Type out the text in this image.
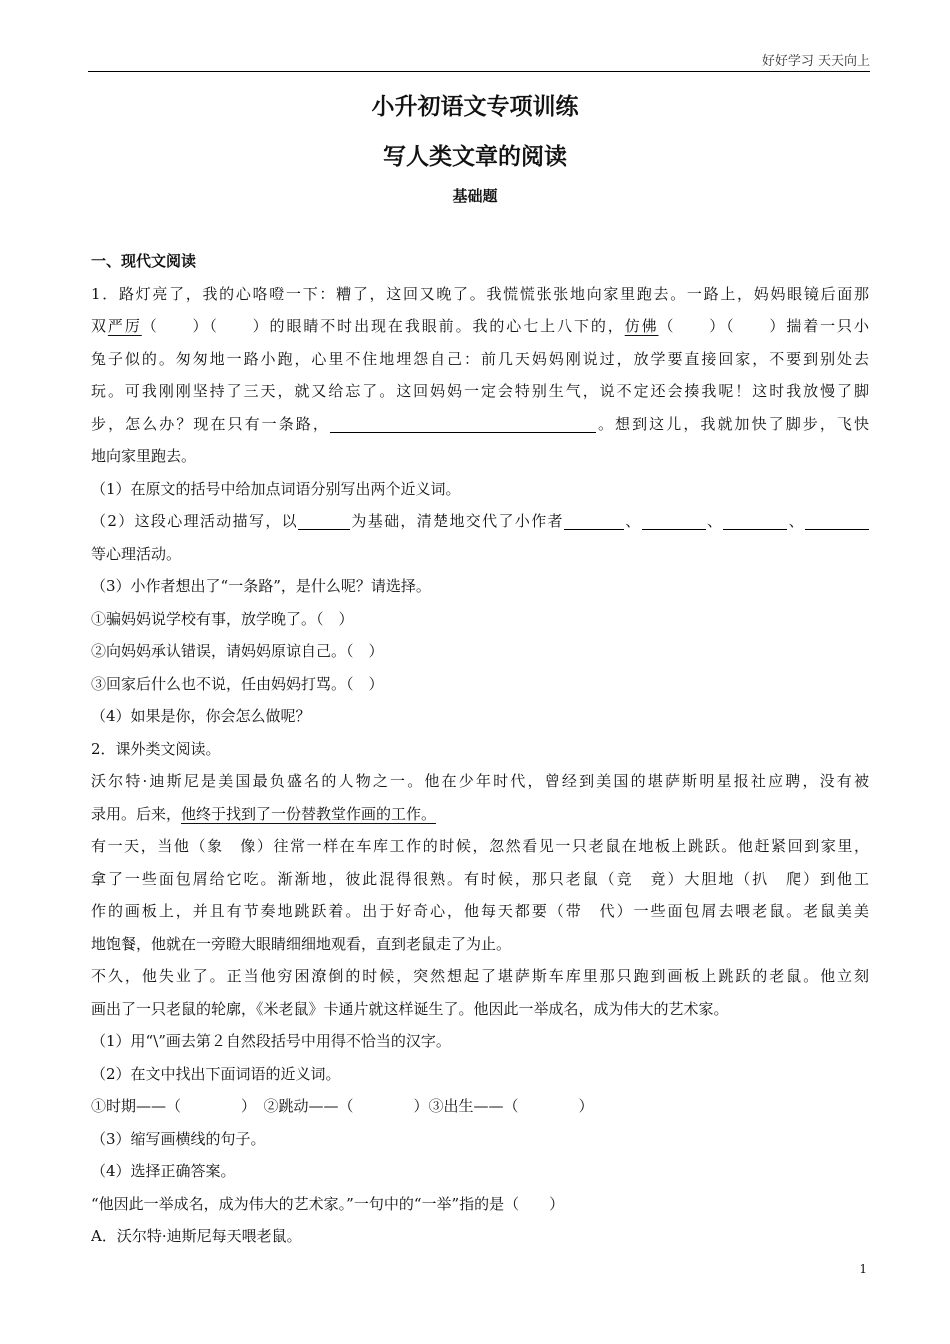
好好学习 天天向上
小升初语文专项训练
写人类文章的阅读
基础题
一、现代文阅读
1．路灯亮了，我的心咯噔一下：糟了，这回又晚了。我慌慌张张地向家里跑去。一路上，妈妈眼镜后面那
双严厉（　　）（　　）的眼睛不时出现在我眼前。我的心七上八下的，仿佛（　　）（　　）揣着一只小
兔子似的。匆匆地一路小跑，心里不住地埋怨自己：前几天妈妈刚说过，放学要直接回家，不要到别处去
玩。可我刚刚坚持了三天，就又给忘了。这回妈妈一定会特别生气，说不定还会揍我呢！这时我放慢了脚
步，怎么办？现在只有一条路，	。想到这儿，我就加快了脚步，飞快
地向家里跑去。
（1）在原文的括号中给加点词语分别写出两个近义词。
（2）这段心理活动描写，以	为基础，清楚地交代了小作者	、	、	、
等心理活动。
（3）小作者想出了“一条路”，是什么呢？请选择。
①骗妈妈说学校有事，放学晚了。（　）
②向妈妈承认错误，请妈妈原谅自己。（　）
③回家后什么也不说，任由妈妈打骂。（　）
（4）如果是你，你会怎么做呢？
2．课外类文阅读。
沃尔特·迪斯尼是美国最负盛名的人物之一。他在少年时代，曾经到美国的堪萨斯明星报社应聘，没有被
录用。后来，他终于找到了一份替教堂作画的工作。
有一天，当他（象　像）往常一样在车库工作的时候，忽然看见一只老鼠在地板上跳跃。他赶紧回到家里，
拿了一些面包屑给它吃。渐渐地，彼此混得很熟。有时候，那只老鼠（竞　竟）大胆地（扒　爬）到他工
作的画板上，并且有节奏地跳跃着。出于好奇心，他每天都要（带　代）一些面包屑去喂老鼠。老鼠美美
地饱餐，他就在一旁瞪大眼睛细细地观看，直到老鼠走了为止。
不久，他失业了。正当他穷困潦倒的时候，突然想起了堪萨斯车库里那只跑到画板上跳跃的老鼠。他立刻
画出了一只老鼠的轮廓，《米老鼠》卡通片就这样诞生了。他因此一举成名，成为伟大的艺术家。
（1）用“\”画去第２自然段括号中用得不恰当的汉字。
（2）在文中找出下面词语的近义词。
①时期——（　　　　）　②跳动——（　　　　）③出生——（　　　　）
（3）缩写画横线的句子。
（4）选择正确答案。
“他因此一举成名，成为伟大的艺术家。”一句中的“一举”指的是（　　）
A．沃尔特·迪斯尼每天喂老鼠。
1
